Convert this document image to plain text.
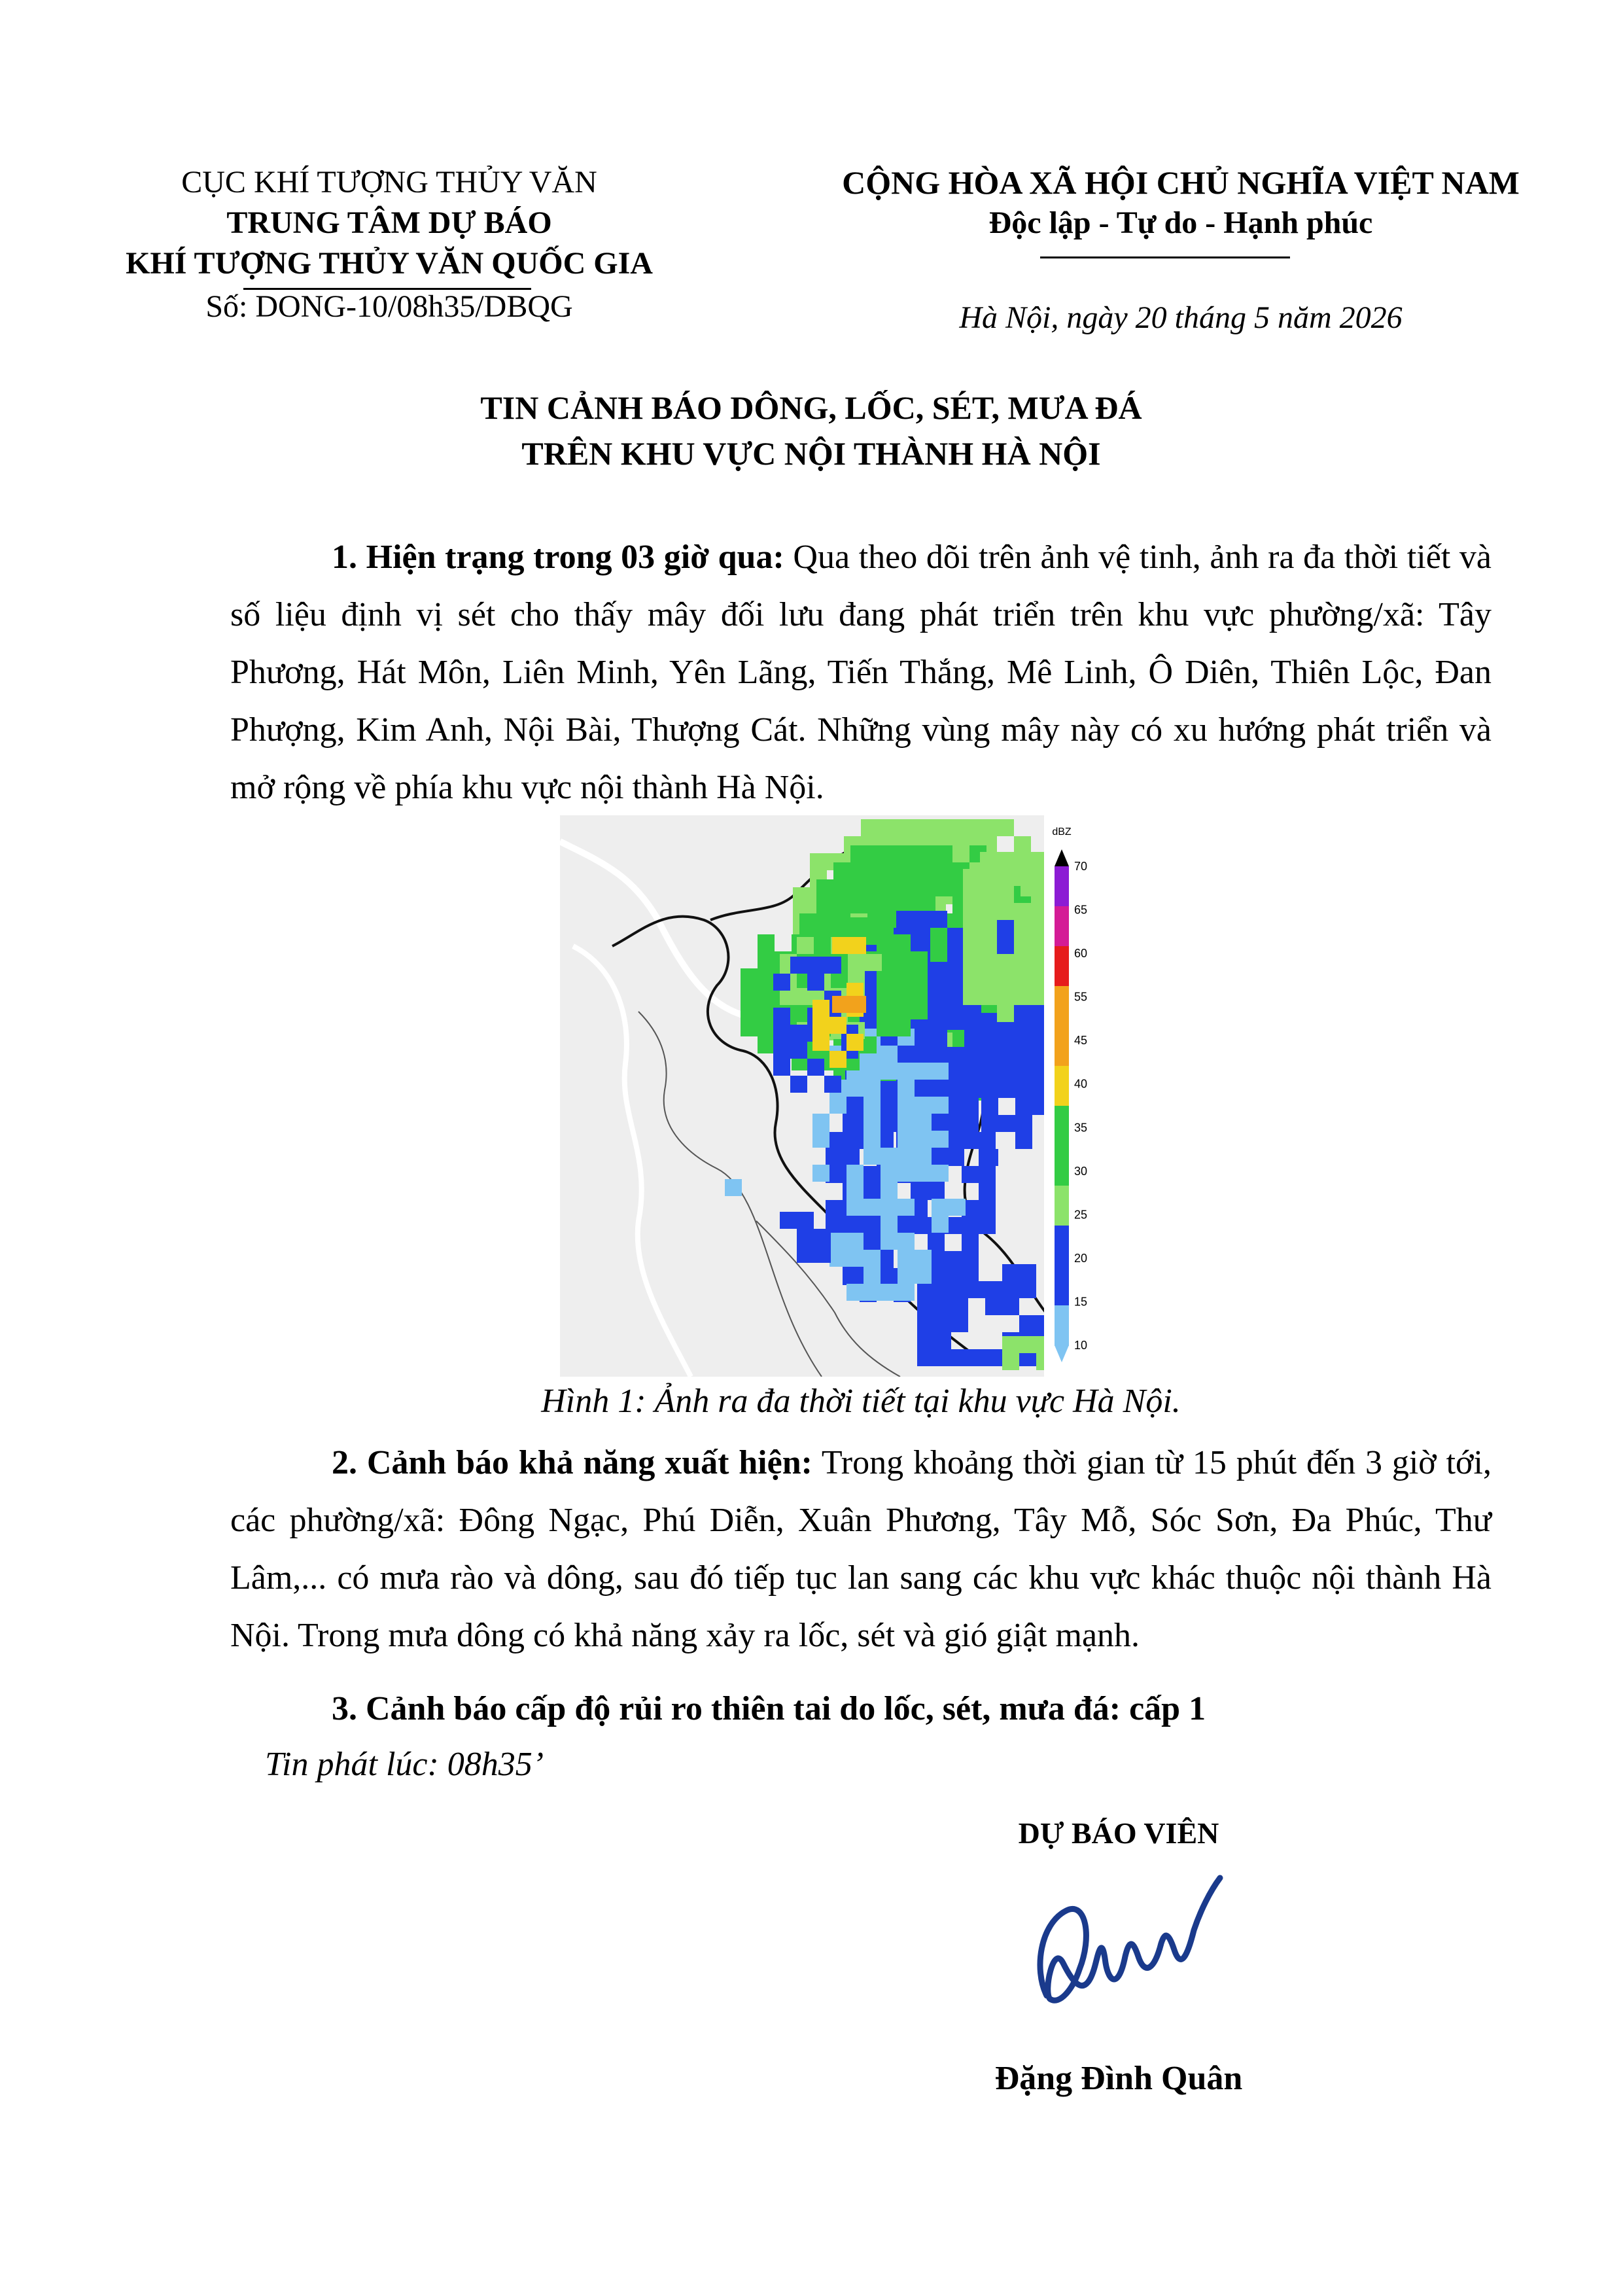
CỤC KHÍ TƯỢNG THỦY VĂN
TRUNG TÂM DỰ BÁO
KHÍ TƯỢNG THỦY VĂN QUỐC GIA
Số: DONG-10/08h35/DBQG
CỘNG HÒA XÃ HỘI CHỦ NGHĨA VIỆT NAM
Độc lập - Tự do - Hạnh phúc
Hà Nội, ngày 20 tháng 5 năm 2026
TIN CẢNH BÁO DÔNG, LỐC, SÉT, MƯA ĐÁ
TRÊN KHU VỰC NỘI THÀNH HÀ NỘI
1. Hiện trạng trong 03 giờ qua: Qua theo dõi trên ảnh vệ tinh, ảnh ra đa thời tiết và số liệu định vị sét cho thấy mây đối lưu đang phát triển trên khu vực phường/xã: Tây Phương, Hát Môn, Liên Minh, Yên Lãng, Tiến Thắng, Mê Linh, Ô Diên, Thiên Lộc, Đan Phượng, Kim Anh, Nội Bài, Thượng Cát. Những vùng mây này có xu hướng phát triển và mở rộng về phía khu vực nội thành Hà Nội.
dBZ
70
65
60
55
45
40
35
30
25
20
15
10
Hình 1: Ảnh ra đa thời tiết tại khu vực Hà Nội.
2. Cảnh báo khả năng xuất hiện: Trong khoảng thời gian từ 15 phút đến 3 giờ tới, các phường/xã: Đông Ngạc, Phú Diễn, Xuân Phương, Tây Mỗ, Sóc Sơn, Đa Phúc, Thư Lâm,... có mưa rào và dông, sau đó tiếp tục lan sang các khu vực khác thuộc nội thành Hà Nội. Trong mưa dông có khả năng xảy ra lốc, sét và gió giật mạnh.
3. Cảnh báo cấp độ rủi ro thiên tai do lốc, sét, mưa đá: cấp 1
Tin phát lúc: 08h35’
DỰ BÁO VIÊN
Đặng Đình Quân
